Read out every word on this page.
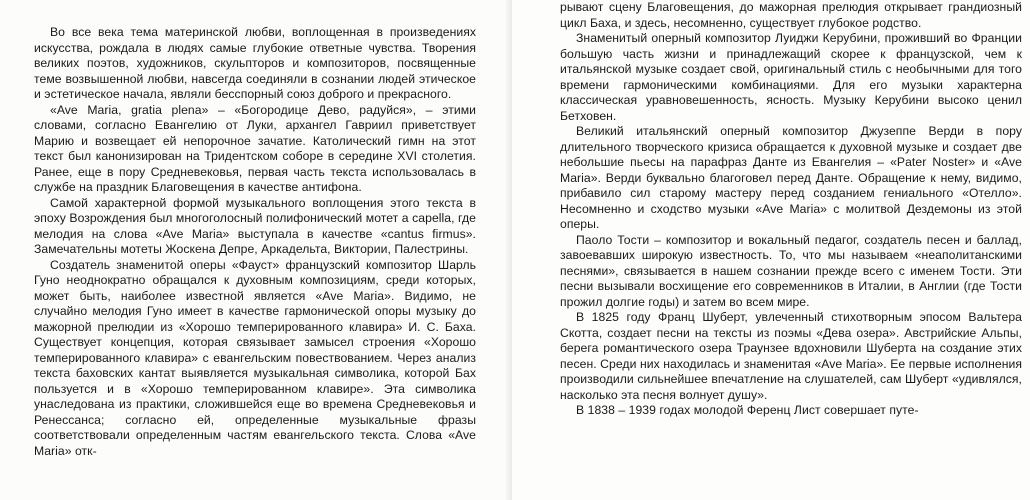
Во все века тема материнской любви, воплощенная в произведениях искусства, рождала в людях самые глубокие ответные чувства. Творения великих поэтов, художников, скульпторов и композиторов, посвященные теме возвышенной любви, навсегда соединяли в сознании людей этическое и эстетическое начала, являли бесспорный союз доброго и прекрасного.

«Ave Maria, gratia plena» – «Богородице Дево, радуйся», – этими словами, согласно Евангелию от Луки, архангел Гавриил приветствует Марию и возвещает ей непорочное зачатие. Католический гимн на этот текст был канонизирован на Тридентском соборе в середине XVI столетия. Ранее, еще в пору Средневековья, первая часть текста использовалась в службе на праздник Благовещения в качестве антифона.

Самой характерной формой музыкального воплощения этого текста в эпоху Возрождения был многоголосный полифонический мотет a capella, где мелодия на слова «Ave Maria» выступала в качестве «cantus firmus». Замечательны мотеты Жоскена Депре, Аркадельта, Виктории, Палестрины.

Создатель знаменитой оперы «Фауст» французский композитор Шарль Гуно неоднократно обращался к духовным композициям, среди которых, может быть, наиболее известной является «Ave Maria». Видимо, не случайно мелодия Гуно имеет в качестве гармонической опоры музыку до мажорной прелюдии из «Хорошо темперированного клавира» И. С. Баха. Существует концепция, которая связывает замысел строения «Хорошо темперированного клавира» с евангельским повествованием. Через анализ текста баховских кантат выявляется музыкальная символика, которой Бах пользуется и в «Хорошо темперированном клавире». Эта символика унаследована из практики, сложившейся еще во времена Средневековья и Ренессанса; согласно ей, определенные музыкальные фразы соответствовали определенным частям евангельского текста. Слова «Ave Maria» отк-

рывают сцену Благовещения, до мажорная прелюдия открывает грандиозный цикл Баха, и здесь, несомненно, существует глубокое родство.

Знаменитый оперный композитор Луиджи Керубини, проживший во Франции большую часть жизни и принадлежащий скорее к французской, чем к итальянской музыке создает свой, оригинальный стиль с необычными для того времени гармоническими комбинациями. Для его музыки характерна классическая уравновешенность, ясность. Музыку Керубини высоко ценил Бетховен.

Великий итальянский оперный композитор Джузеппе Верди в пору длительного творческого кризиса обращается к духовной музыке и создает две небольшие пьесы на парафраз Данте из Евангелия – «Pater Noster» и «Ave Maria». Верди буквально благоговел перед Данте. Обращение к нему, видимо, прибавило сил старому мастеру перед созданием гениального «Отелло». Несомненно и сходство музыки «Ave Maria» с молитвой Дездемоны из этой оперы.

Паоло Тости – композитор и вокальный педагог, создатель песен и баллад, завоевавших широкую известность. То, что мы называем «неаполитанскими песнями», связывается в нашем сознании прежде всего с именем Тости. Эти песни вызывали восхищение его современников в Италии, в Англии (где Тости прожил долгие годы) и затем во всем мире.

В 1825 году Франц Шуберт, увлеченный стихотворным эпосом Вальтера Скотта, создает песни на тексты из поэмы «Дева озера». Австрийские Альпы, берега романтического озера Траунзее вдохновили Шуберта на создание этих песен. Среди них находилась и знаменитая «Ave Maria». Ее первые исполнения производили сильнейшее впечатление на слушателей, сам Шуберт «удивлялся, насколько эта песня волнует душу».

В 1838 – 1939 годах молодой Ференц Лист совершает путе-
